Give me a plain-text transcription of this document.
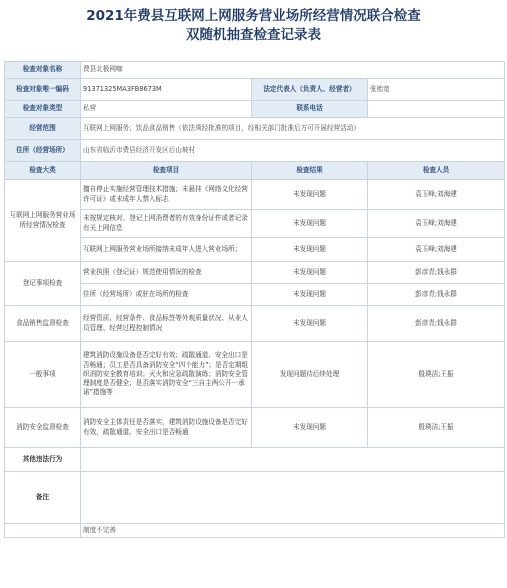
2021年费县互联网上网服务营业场所经营情况联合检查
双随机抽查检查记录表
检查对象名称	费县北极网咖		
检查对象唯一编码	91371325MA3FB8673M	法定代表人（负责人、经营者）	张贻宽
检查对象类型	私营	联系电话	
经营范围	互联网上网服务；饮品食品销售（依法须经批准的项目，经相关部门批准后方可开展经营活动）		
住所（经营场所）	山东省临沂市费县经济开发区后山坡村		
检查大类	检查项目	检查结果	检查人员
互联网上网服务营业场所经营情况检查	擅自停止实施经营管理技术措施；未悬挂《网络文化经营许可证》或未成年人禁入标志	未发现问题	袁玉峰;刘海建
	未按规定核对、登记上网消费者的有效身份证件或者记录有关上网信息	未发现问题	袁玉峰;刘海建
	互联网上网服务营业场所接纳未成年人进入营业场所；	未发现问题	袁玉峰;刘海建
登记事项检查	营业执照（登记证）规范使用情况的检查	未发现问题	彭彦青;钱永群
	住所（经营场所）或驻在场所的检查	未发现问题	彭彦青;钱永群
食品销售监督检查	经营资质、经营条件、食品标签等外观质量状况、从业人员管理、经营过程控制情况	未发现问题	彭彦青;钱永群
一般事项	建筑消防设施设备是否完好有效；疏散通道、安全出口是否畅通；员工是否具备消防安全“四个能力”；是否定期组织消防安全教育培训；灭火和应急疏散演练；消防安全管理制度是否健全；是否落实消防安全“三自主两公开一承诺”措施等	发现问题待后续处理	殷瑛洁;王振
消防安全监督检查	消防安全主体责任是否落实，建筑消防设施设备是否完好有效，疏散通道、安全出口是否畅通	未发现问题	殷瑛洁;王振
其他违法行为			
备注			
	制度不完善		
